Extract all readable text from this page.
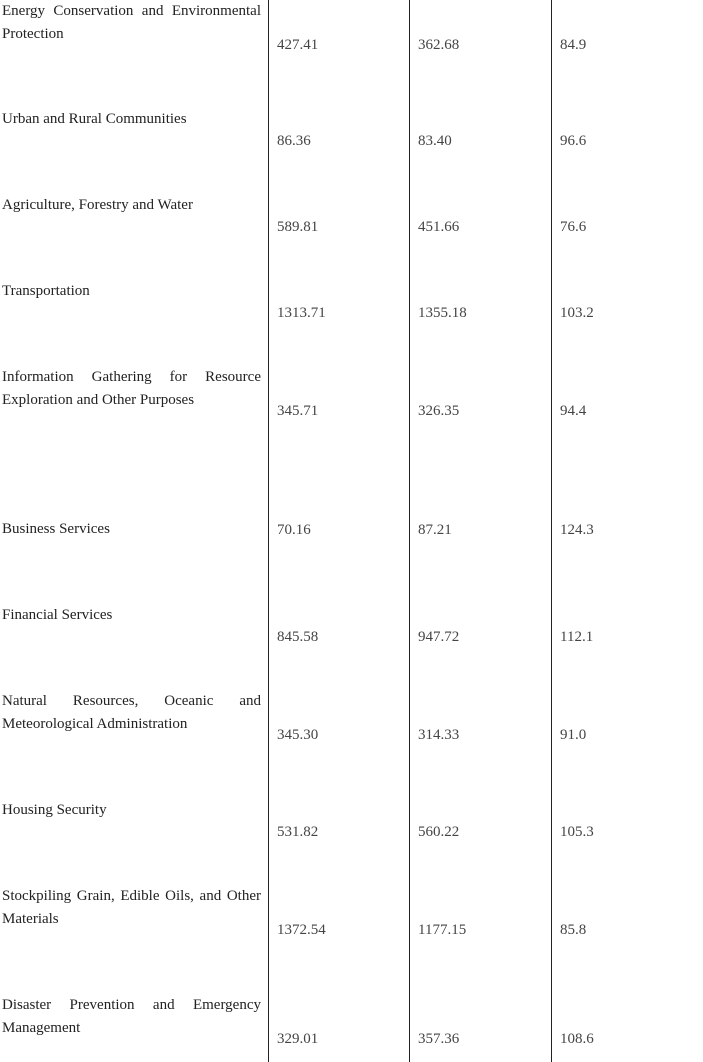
Energy Conservation and Environmental Protection
427.41	362.68	84.9
Urban and Rural Communities
86.36	83.40	96.6
Agriculture, Forestry and Water
589.81	451.66	76.6
Transportation
1313.71	1355.18	103.2
Information Gathering for Resource Exploration and Other Purposes
345.71	326.35	94.4
Business Services	70.16	87.21	124.3
Financial Services
845.58	947.72	112.1
Natural Resources, Oceanic and Meteorological Administration
345.30	314.33	91.0
Housing Security
531.82	560.22	105.3
Stockpiling Grain, Edible Oils, and Other Materials
1372.54	1177.15	85.8
Disaster Prevention and Emergency Management
329.01	357.36	108.6
